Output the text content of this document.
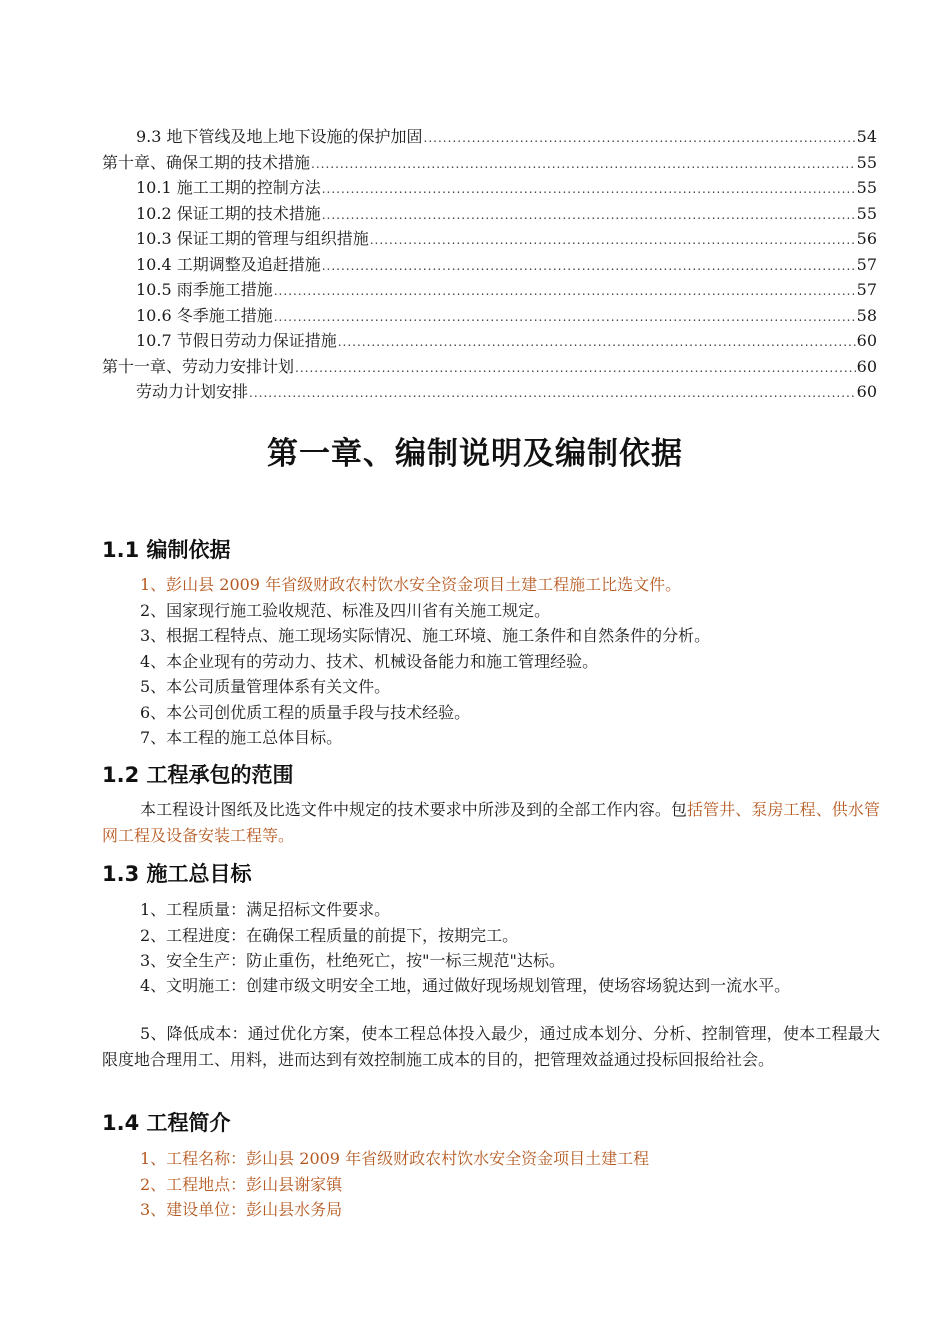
9.3 地下管线及地上地下设施的保护加固 .....	54
第十章、确保工期的技术措施 .....	55
10.1 施工工期的控制方法 .....	55
10.2 保证工期的技术措施 .....	55
10.3 保证工期的管理与组织措施 .....	56
10.4 工期调整及追赶措施 .....	57
10.5 雨季施工措施 .....	57
10.6 冬季施工措施 .....	58
10.7 节假日劳动力保证措施 .....	60
第十一章、劳动力安排计划 .....	60
劳动力计划安排 .....	60
第一章、编制说明及编制依据
1.1 编制依据
1、彭山县 2009 年省级财政农村饮水安全资金项目土建工程施工比选文件。
2、国家现行施工验收规范、标准及四川省有关施工规定。
3、根据工程特点、施工现场实际情况、施工环境、施工条件和自然条件的分析。
4、本企业现有的劳动力、技术、机械设备能力和施工管理经验。
5、本公司质量管理体系有关文件。
6、本公司创优质工程的质量手段与技术经验。
7、本工程的施工总体目标。
1.2 工程承包的范围
本工程设计图纸及比选文件中规定的技术要求中所涉及到的全部工作内容。包括管井、泵房工程、供水管网工程及设备安装工程等。
1.3 施工总目标
1、工程质量：满足招标文件要求。
2、工程进度：在确保工程质量的前提下，按期完工。
3、安全生产：防止重伤，杜绝死亡，按"一标三规范"达标。
4、文明施工：创建市级文明安全工地，通过做好现场规划管理，使场容场貌达到一流水平。
5、降低成本：通过优化方案，使本工程总体投入最少，通过成本划分、分析、控制管理，使本工程最大限度地合理用工、用料，进而达到有效控制施工成本的目的，把管理效益通过投标回报给社会。
1.4 工程简介
1、工程名称：彭山县 2009 年省级财政农村饮水安全资金项目土建工程
2、工程地点：彭山县谢家镇
3、建设单位：彭山县水务局
